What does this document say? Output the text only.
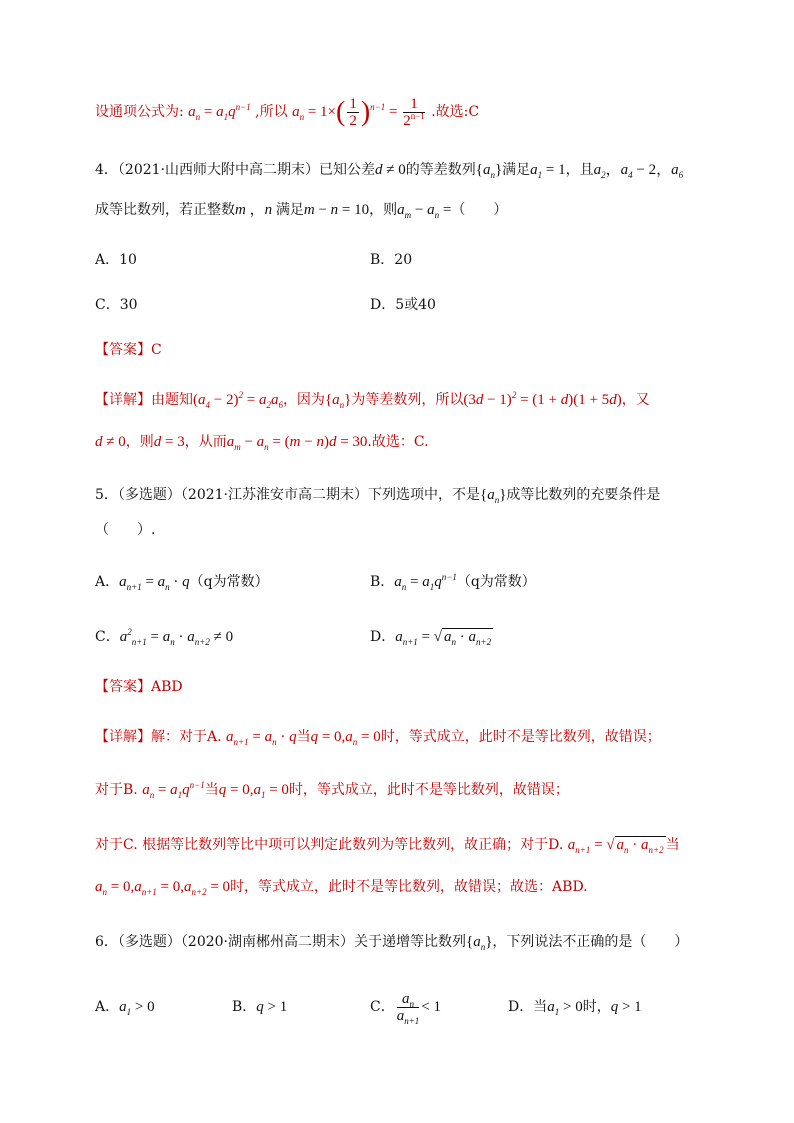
设通项公式为: $a_n = a_1q^{n-1}$ ,所以 $a_n = 1\times( \frac{1}{2} )^{n-1} = \frac{1}{2^{n-1}}$ .故选:C
4．（2021·山西师大附中高二期末）已知公差d ≠ 0的等差数列$\{a_n\}$满足$a_1 = 1$，且$a_2$，$a_4 - 2$，$a_6$
成等比数列，若正整数m ，n 满足m − n = 10，则$a_m - a_n$ =（　　）
A．10	B．20
C．30	D．5或40
【答案】C
【详解】由题知$(a_4 - 2)^2 = a_2a_6$，因为$\{a_n\}$为等差数列，所以$(3d - 1)^2 = (1 + d)(1 + 5d)$，又
d ≠ 0，则d = 3，从而$a_m - a_n = (m - n)d = 30$.故选：C.
5．（多选题）（2021·江苏淮安市高二期末）下列选项中，不是$\{a_n\}$成等比数列的充要条件是
（　　）.
A．$a_{n+1} = a_n \cdot q(q$为常数）	B．$a_n = a_1q^{n-1}(q$为常数）
C．$a^2_{n+1} = a_n \cdot a_{n+2} \ne 0$	D．$a_{n+1}$ = √ $a_n \cdot a_{n+2}$
【答案】ABD
【详解】解：对于A. $a_{n+1} = a_n \cdot q$当$q = 0,a_n = 0$时，等式成立，此时不是等比数列，故错误；
对于B. $a_n = a_1q^{n-1}$当$q = 0,a_1 = 0$时，等式成立，此时不是等比数列，故错误；
对于C. 根据等比数列等比中项可以判定此数列为等比数列，故正确；对于D. $a_{n+1}$ = √ $a_n \cdot a_{n+2}$ 当
$a_n = 0,a_{n+1} = 0,a_{n+2} = 0$时，等式成立，此时不是等比数列，故错误；故选：ABD.
6．（多选题）（2020·湖南郴州高二期末）关于递增等比数列$\{a_n\}$，下列说法不正确的是（　　）
A．$a_1 > 0$	B．q > 1	C． $\frac{a_n}{a_{n+1}} < 1$	D．当$a_1 > 0$时，q > 1
